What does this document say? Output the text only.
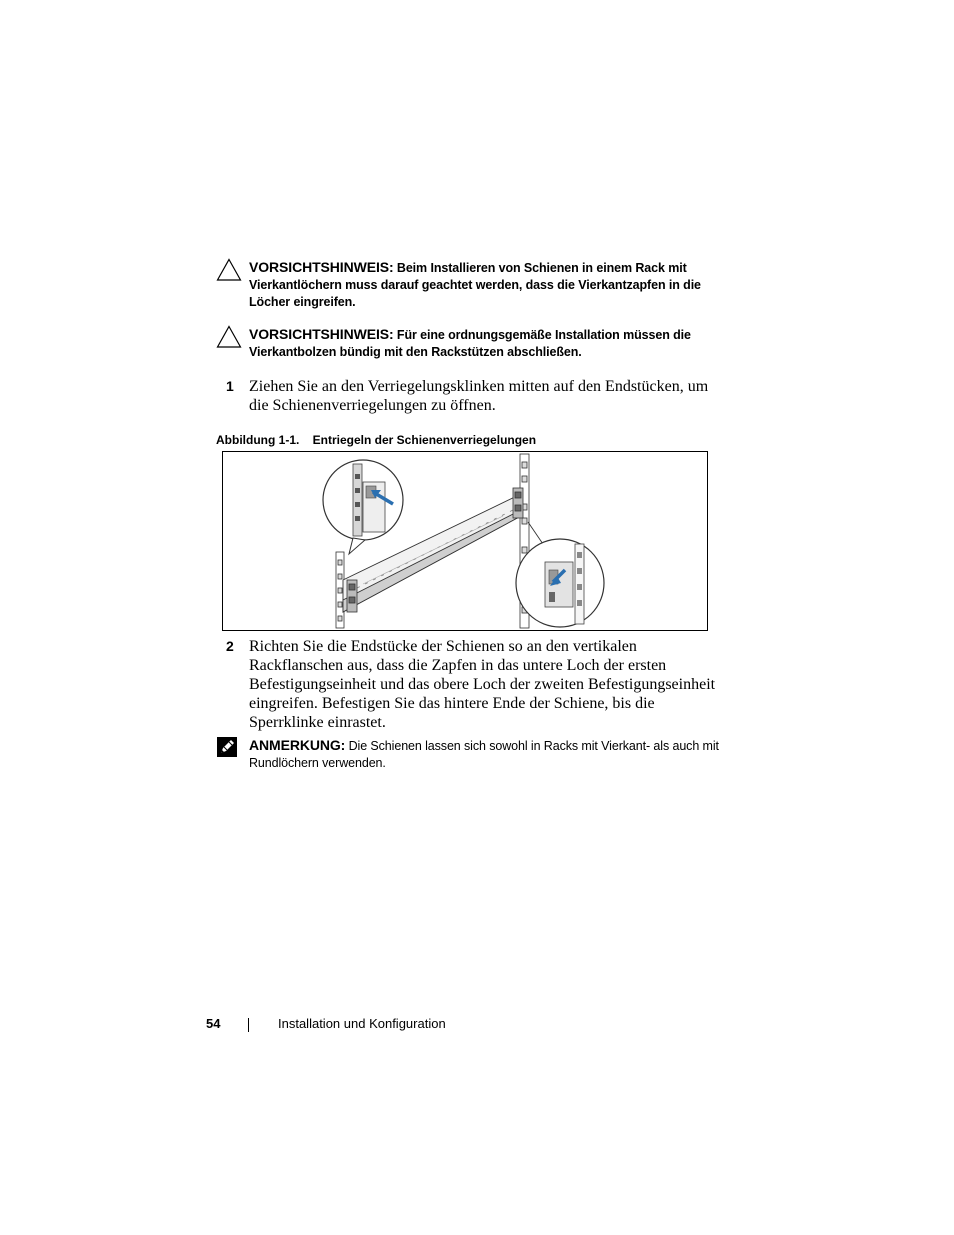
VORSICHTSHINWEIS: Beim Installieren von Schienen in einem Rack mit Vierkantlöchern muss darauf geachtet werden, dass die Vierkantzapfen in die Löcher eingreifen.
VORSICHTSHINWEIS: Für eine ordnungsgemäße Installation müssen die Vierkantbolzen bündig mit den Rackstützen abschließen.
1 Ziehen Sie an den Verriegelungsklinken mitten auf den Endstücken, um die Schienenverriegelungen zu öffnen.
Abbildung 1-1.    Entriegeln der Schienenverriegelungen
2 Richten Sie die Endstücke der Schienen so an den vertikalen Rackflanschen aus, dass die Zapfen in das untere Loch der ersten Befestigungseinheit und das obere Loch der zweiten Befestigungseinheit eingreifen. Befestigen Sie das hintere Ende der Schiene, bis die Sperrklinke einrastet.
ANMERKUNG: Die Schienen lassen sich sowohl in Racks mit Vierkant- als auch mit Rundlöchern verwenden.
54	Installation und Konfiguration
